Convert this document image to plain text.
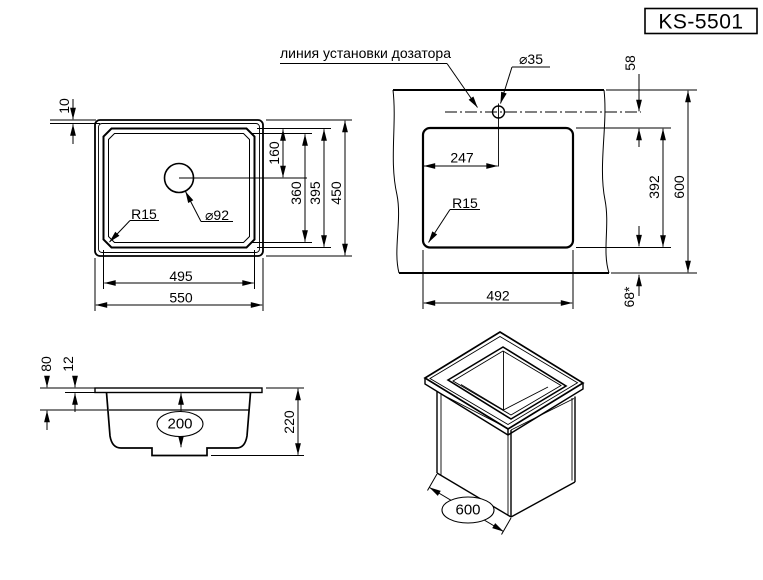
KS-5501
10
160
360 395 450
495
550
R15	⌀92
247
492
58
392 600
68*
линия установки дозатора	⌀35
R15
80 12
200	220
600
